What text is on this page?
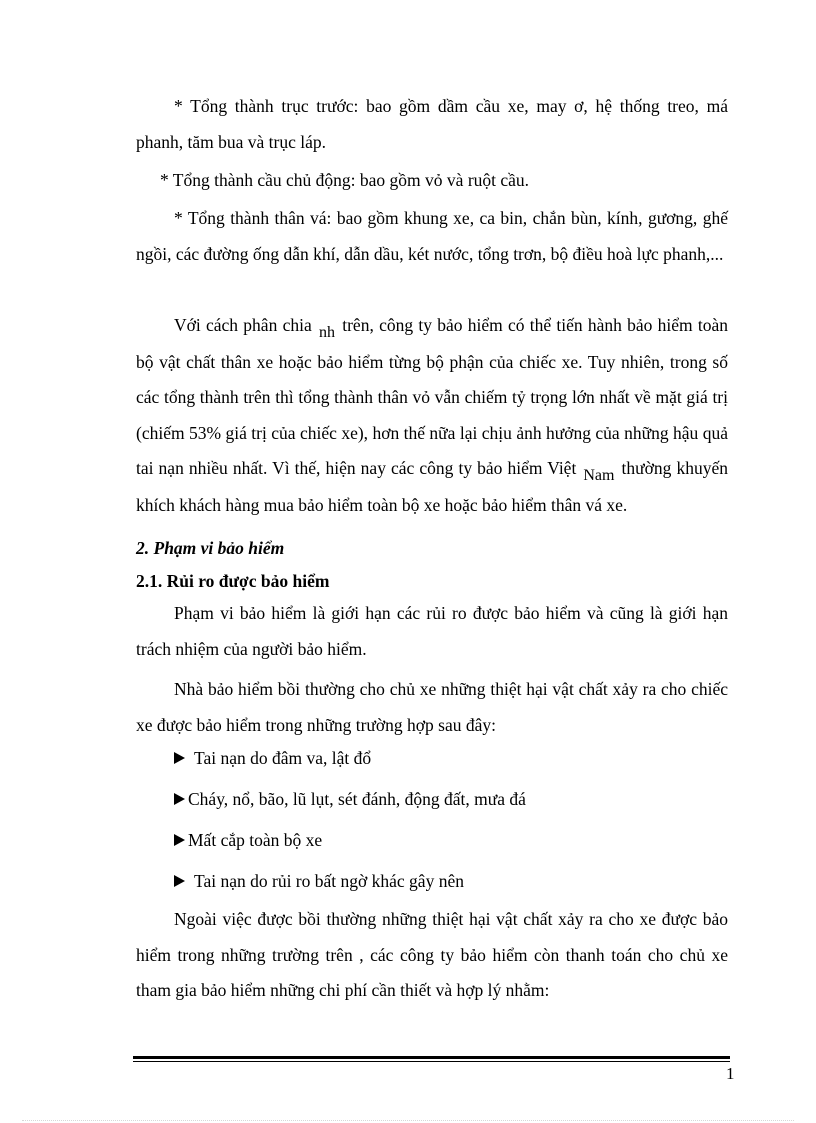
* Tổng thành trục trước: bao gồm dầm cầu xe, may ơ, hệ thống treo, má phanh, tăm bua và trục láp.

* Tổng thành cầu chủ động: bao gồm vỏ và ruột cầu.

* Tổng thành thân vá: bao gồm khung xe, ca bin, chắn bùn, kính, gương, ghế ngồi, các đường ống dẫn khí, dẫn dầu, két nước, tổng trơn, bộ điều hoà lực phanh,...

Với cách phân chia nh trên, công ty bảo hiểm có thể tiến hành bảo hiểm toàn bộ vật chất thân xe hoặc bảo hiểm từng bộ phận của chiếc xe. Tuy nhiên, trong số các tổng thành trên thì tổng thành thân vỏ vẫn chiếm tỷ trọng lớn nhất về mặt giá trị (chiếm 53% giá trị của chiếc xe), hơn thế nữa lại chịu ảnh hưởng của những hậu quả tai nạn nhiều nhất. Vì thế, hiện nay các công ty bảo hiểm Việt Nam thường khuyến khích khách hàng mua bảo hiểm toàn bộ xe hoặc bảo hiểm thân vá xe.

2. Phạm vi bảo hiểm
2.1. Rủi ro được bảo hiểm

Phạm vi bảo hiểm là giới hạn các rủi ro được bảo hiểm và cũng là giới hạn trách nhiệm của người bảo hiểm.

Nhà bảo hiểm bồi thường cho chủ xe những thiệt hại vật chất xảy ra cho chiếc xe được bảo hiểm trong những trường hợp sau đây:

Tai nạn do đâm va, lật đổ
Cháy, nổ, bão, lũ lụt, sét đánh, động đất, mưa đá
Mất cắp toàn bộ xe
Tai nạn do rủi ro bất ngờ khác gây nên

Ngoài việc được bồi thường những thiệt hại vật chất xảy ra cho xe được bảo hiểm trong những trường trên , các công ty bảo hiểm còn thanh toán cho chủ xe tham gia bảo hiểm những chi phí cần thiết và hợp lý nhằm:

1
